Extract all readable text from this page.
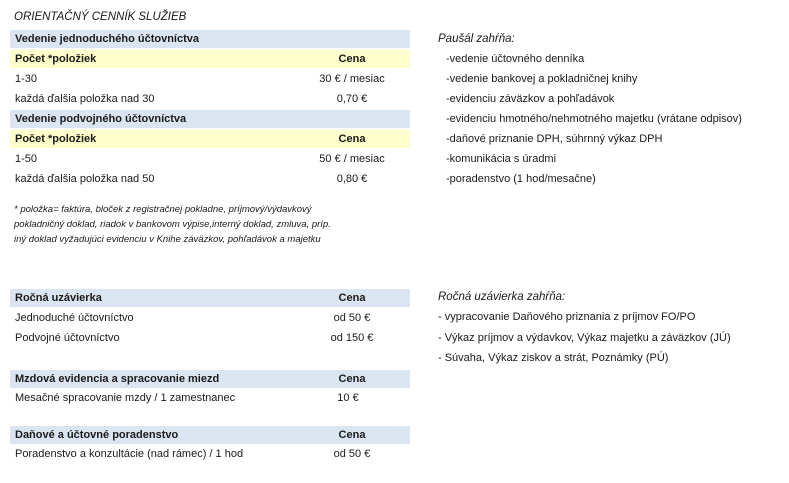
ORIENTAČNÝ CENNÍK SLUŽIEB
Vedenie jednoduchého účtovníctva
Počet *položiek	Cena
1-30	30 € / mesiac
každá ďalšia položka nad 30	0,70 €
Vedenie podvojného účtovníctva
Počet *položiek	Cena
1-50	50 € / mesiac
každá ďalšia položka nad 50	0,80 €
* položka= faktúra, bloček z registračnej pokladne, príjmový/výdavkový
pokladničný doklad, riadok v bankovom výpise,interný doklad, zmluva, príp.
iný doklad vyžadujúci evidenciu v Knihe záväzkov, pohľadávok a majetku
Paušál zahŕňa:
-vedenie účtovného denníka
-vedenie bankovej a pokladničnej knihy
-evidenciu záväzkov a pohľadávok
-evidenciu hmotného/nehmotného majetku (vrátane odpisov)
-daňové priznanie DPH, súhrnný výkaz DPH
-komunikácia s úradmi
-poradenstvo (1 hod/mesačne)
Ročná uzávierka	Cena
Jednoduché účtovníctvo	od 50 €
Podvojné účtovníctvo	od 150 €
Ročná uzávierka zahŕňa:
- vypracovanie Daňového priznania z príjmov FO/PO
- Výkaz príjmov a výdavkov, Výkaz majetku a záväzkov (JÚ)
- Súvaha, Výkaz ziskov a strát, Poznámky (PÚ)
Mzdová evidencia a spracovanie miezd	Cena
Mesačné spracovanie mzdy / 1 zamestnanec	10 €
Daňové a účtovné poradenstvo	Cena
Poradenstvo a konzultácie (nad rámec) / 1 hod	od 50 €
